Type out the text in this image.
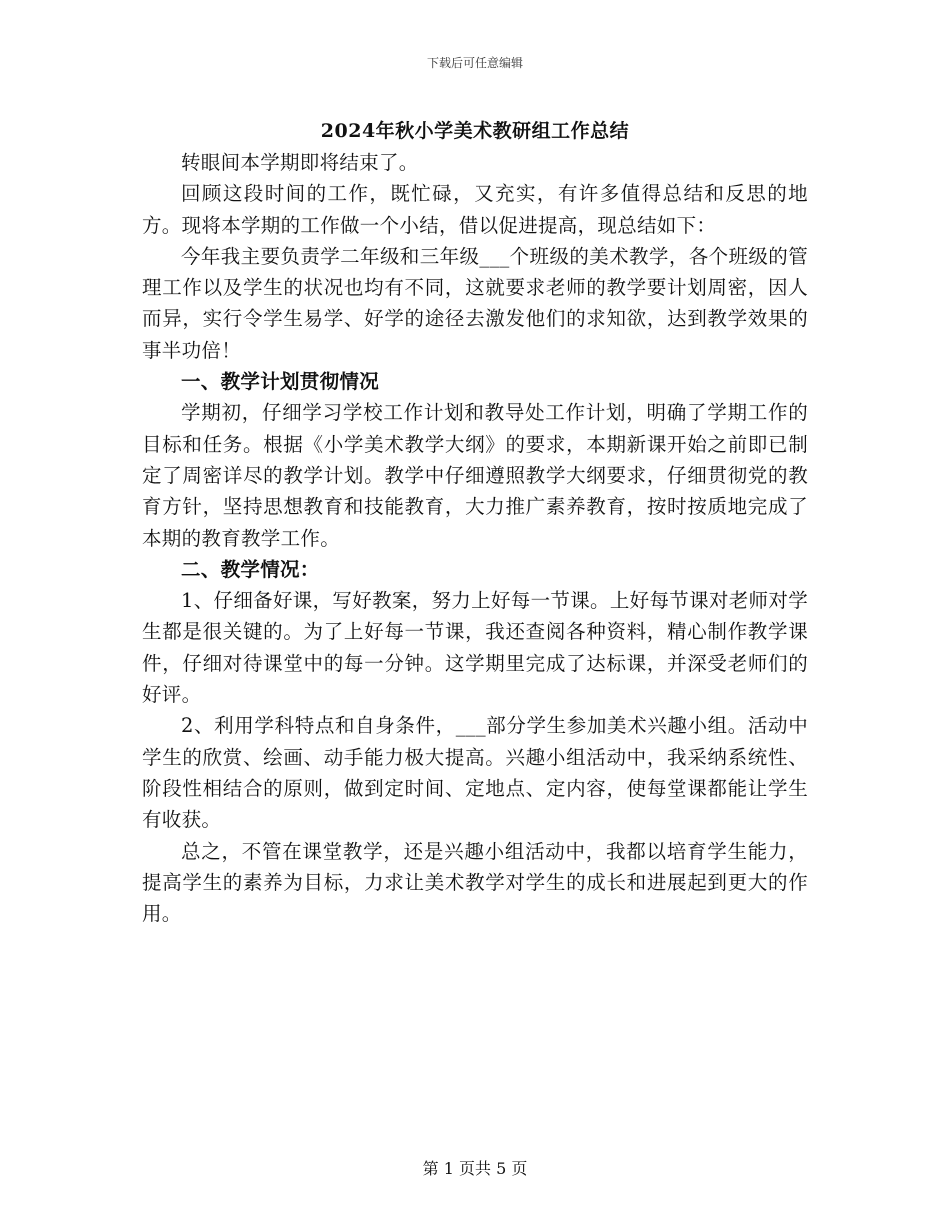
下载后可任意编辑
2024年秋小学美术教研组工作总结

转眼间本学期即将结束了。

回顾这段时间的工作，既忙碌，又充实，有许多值得总结和反思的地方。现将本学期的工作做一个小结，借以促进提高，现总结如下：

今年我主要负责学二年级和三年级___个班级的美术教学，各个班级的管理工作以及学生的状况也均有不同，这就要求老师的教学要计划周密，因人而异，实行令学生易学、好学的途径去激发他们的求知欲，达到教学效果的事半功倍！

一、教学计划贯彻情况

学期初，仔细学习学校工作计划和教导处工作计划，明确了学期工作的目标和任务。根据《小学美术教学大纲》的要求，本期新课开始之前即已制定了周密详尽的教学计划。教学中仔细遵照教学大纲要求，仔细贯彻党的教育方针，坚持思想教育和技能教育，大力推广素养教育，按时按质地完成了本期的教育教学工作。

二、教学情况：

1、仔细备好课，写好教案，努力上好每一节课。上好每节课对老师对学生都是很关键的。为了上好每一节课，我还查阅各种资料，精心制作教学课件，仔细对待课堂中的每一分钟。这学期里完成了达标课，并深受老师们的好评。

2、利用学科特点和自身条件，___部分学生参加美术兴趣小组。活动中学生的欣赏、绘画、动手能力极大提高。兴趣小组活动中，我采纳系统性、阶段性相结合的原则，做到定时间、定地点、定内容，使每堂课都能让学生有收获。

总之，不管在课堂教学，还是兴趣小组活动中，我都以培育学生能力，提高学生的素养为目标，力求让美术教学对学生的成长和进展起到更大的作用。

第 1 页共 5 页
